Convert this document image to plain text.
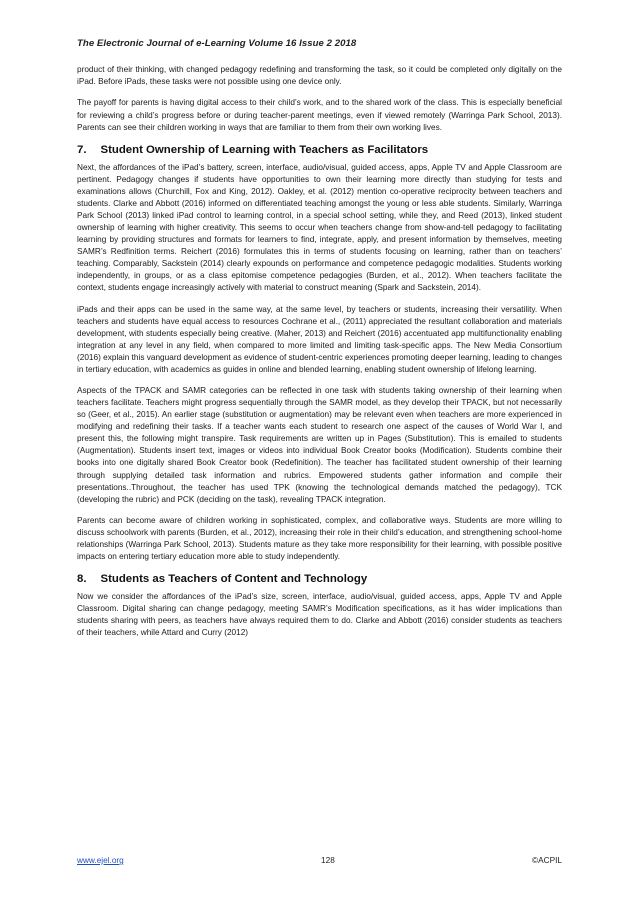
The Electronic Journal of e-Learning Volume 16 Issue 2 2018

product of their thinking, with changed pedagogy redefining and transforming the task, so it could be completed only digitally on the iPad. Before iPads, these tasks were not possible using one device only.

The payoff for parents is having digital access to their child’s work, and to the shared work of the class. This is especially beneficial for reviewing a child’s progress before or during teacher-parent meetings, even if viewed remotely (Warringa Park School, 2013). Parents can see their children working in ways that are familiar to them from their own working lives.

7. Student Ownership of Learning with Teachers as Facilitators

Next, the affordances of the iPad’s battery, screen, interface, audio/visual, guided access, apps, Apple TV and Apple Classroom are pertinent. Pedagogy changes if students have opportunities to own their learning more directly than studying for tests and examinations allows (Churchill, Fox and King, 2012). Oakley, et al. (2012) mention co-operative reciprocity between teachers and students. Clarke and Abbott (2016) informed on differentiated teaching amongst the young or less able students. Similarly, Warringa Park School (2013) linked iPad control to learning control, in a special school setting, while they, and Reed (2013), linked student ownership of learning with higher creativity. This seems to occur when teachers change from show-and-tell pedagogy to facilitating learning by providing structures and formats for learners to find, integrate, apply, and present information by themselves, meeting SAMR’s Redfinition terms. Reichert (2016) formulates this in terms of students focusing on learning, rather than on teachers’ teaching. Comparably, Sackstein (2014) clearly expounds on performance and competence pedagogic modalities. Students working independently, in groups, or as a class epitomise competence pedagogies (Burden, et al., 2012). When teachers facilitate the context, students engage increasingly actively with material to construct meaning (Spark and Sackstein, 2014).

iPads and their apps can be used in the same way, at the same level, by teachers or students, increasing their versatility. When teachers and students have equal access to resources Cochrane et al., (2011) appreciated the resultant collaboration and materials development, with students especially being creative. (Maher, 2013) and Reichert (2016) accentuated app multifunctionality enabling integration at any level in any field, when compared to more limited and limiting task-specific apps. The New Media Consortium (2016) explain this vanguard development as evidence of student-centric experiences promoting deeper learning, leading to changes in tertiary education, with academics as guides in online and blended learning, enabling student ownership of lifelong learning.

Aspects of the TPACK and SAMR categories can be reflected in one task with students taking ownership of their learning when teachers facilitate. Teachers might progress sequentially through the SAMR model, as they develop their TPACK, but not necessarily so (Geer, et al., 2015). An earlier stage (substitution or augmentation) may be relevant even when teachers are more experienced in modifying and redefining their tasks. If a teacher wants each student to research one aspect of the causes of World War I, and present this, the following might transpire. Task requirements are written up in Pages (Substitution). This is emailed to students (Augmentation). Students insert text, images or videos into individual Book Creator books (Modification). Students combine their books into one digitally shared Book Creator book (Redefinition). The teacher has facilitated student ownership of their learning through supplying detailed task information and rubrics. Empowered students gather information and compile their presentations..Throughout, the teacher has used TPK (knowing the technological demands matched the pedagogy), TCK (developing the rubric) and PCK (deciding on the task), revealing TPACK integration.

Parents can become aware of children working in sophisticated, complex, and collaborative ways. Students are more willing to discuss schoolwork with parents (Burden, et al., 2012), increasing their role in their child’s education, and strengthening school-home relationships (Warringa Park School, 2013). Students mature as they take more responsibility for their learning, with possible positive impacts on entering tertiary education more able to study independently.

8. Students as Teachers of Content and Technology

Now we consider the affordances of the iPad’s size, screen, interface, audio/visual, guided access, apps, Apple TV and Apple Classroom. Digital sharing can change pedagogy, meeting SAMR’s Modification specifications, as it has wider implications than students sharing with peers, as teachers have always required them to do. Clarke and Abbott (2016) consider students as teachers of their teachers, while Attard and Curry (2012)

www.ejel.org	128	©ACPIL
